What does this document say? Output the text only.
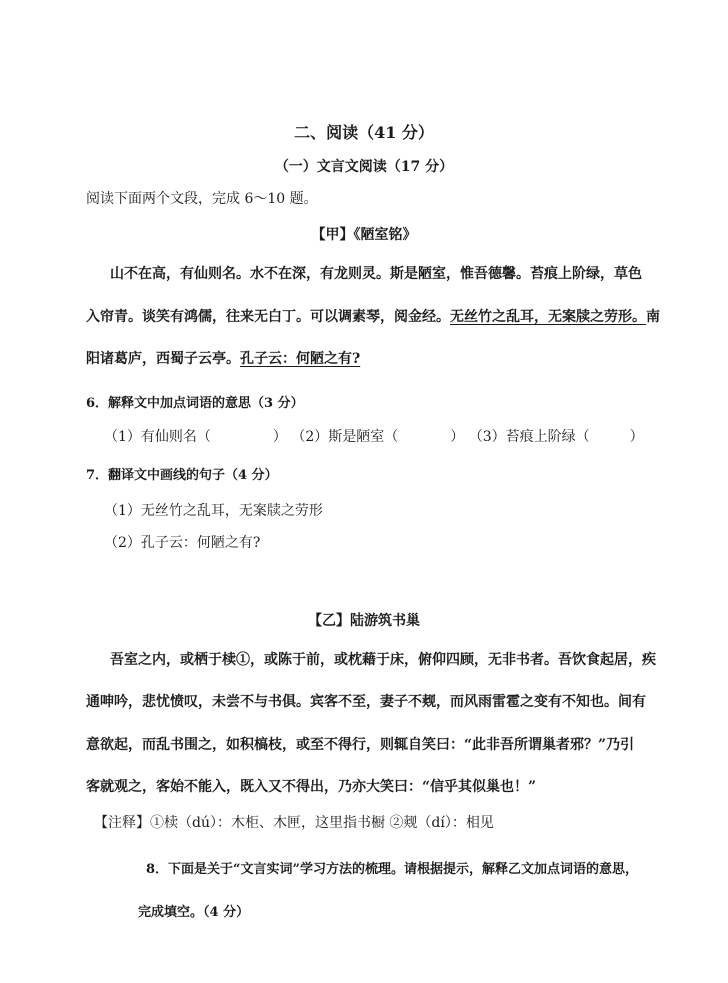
二、阅读（41 分）
（一）文言文阅读（17 分）
阅读下面两个文段，完成 6～10 题。
【甲】《陋室铭》
山不在高，有仙则名。水不在深，有龙则灵。斯是陋室，惟吾德馨。苔痕上阶绿，草色
入帘青。谈笑有鸿儒，往来无白丁。可以调素琴，阅金经。无丝竹之乱耳，无案牍之劳形。南
阳诸葛庐，西蜀子云亭。孔子云：何陋之有?
6．解释文中加点词语的意思（3 分）
（1）有仙则名（	） （2）斯是陋室（	） （3）苔痕上阶绿（	）
7．翻译文中画线的句子（4 分）
（1）无丝竹之乱耳，无案牍之劳形
（2）孔子云：何陋之有?
【乙】陆游筑书巢
吾室之内，或栖于椟①，或陈于前，或枕藉于床，俯仰四顾，无非书者。吾饮食起居，疾
通呻吟，悲忧愤叹，未尝不与书俱。宾客不至，妻子不觌，而风雨雷雹之变有不知也。间有
意欲起，而乱书围之，如积槁枝，或至不得行，则辄自笑曰：“此非吾所谓巢者邪？”乃引
客就观之，客始不能入，既入又不得出，乃亦大笑曰：“信乎其似巢也！”
【注释】①椟（dú）：木柜、木匣，这里指书橱 ②觌（dí）：相见
8．下面是关于“文言实词”学习方法的梳理。请根据提示，解释乙文加点词语的意思，
完成填空。（4 分）
